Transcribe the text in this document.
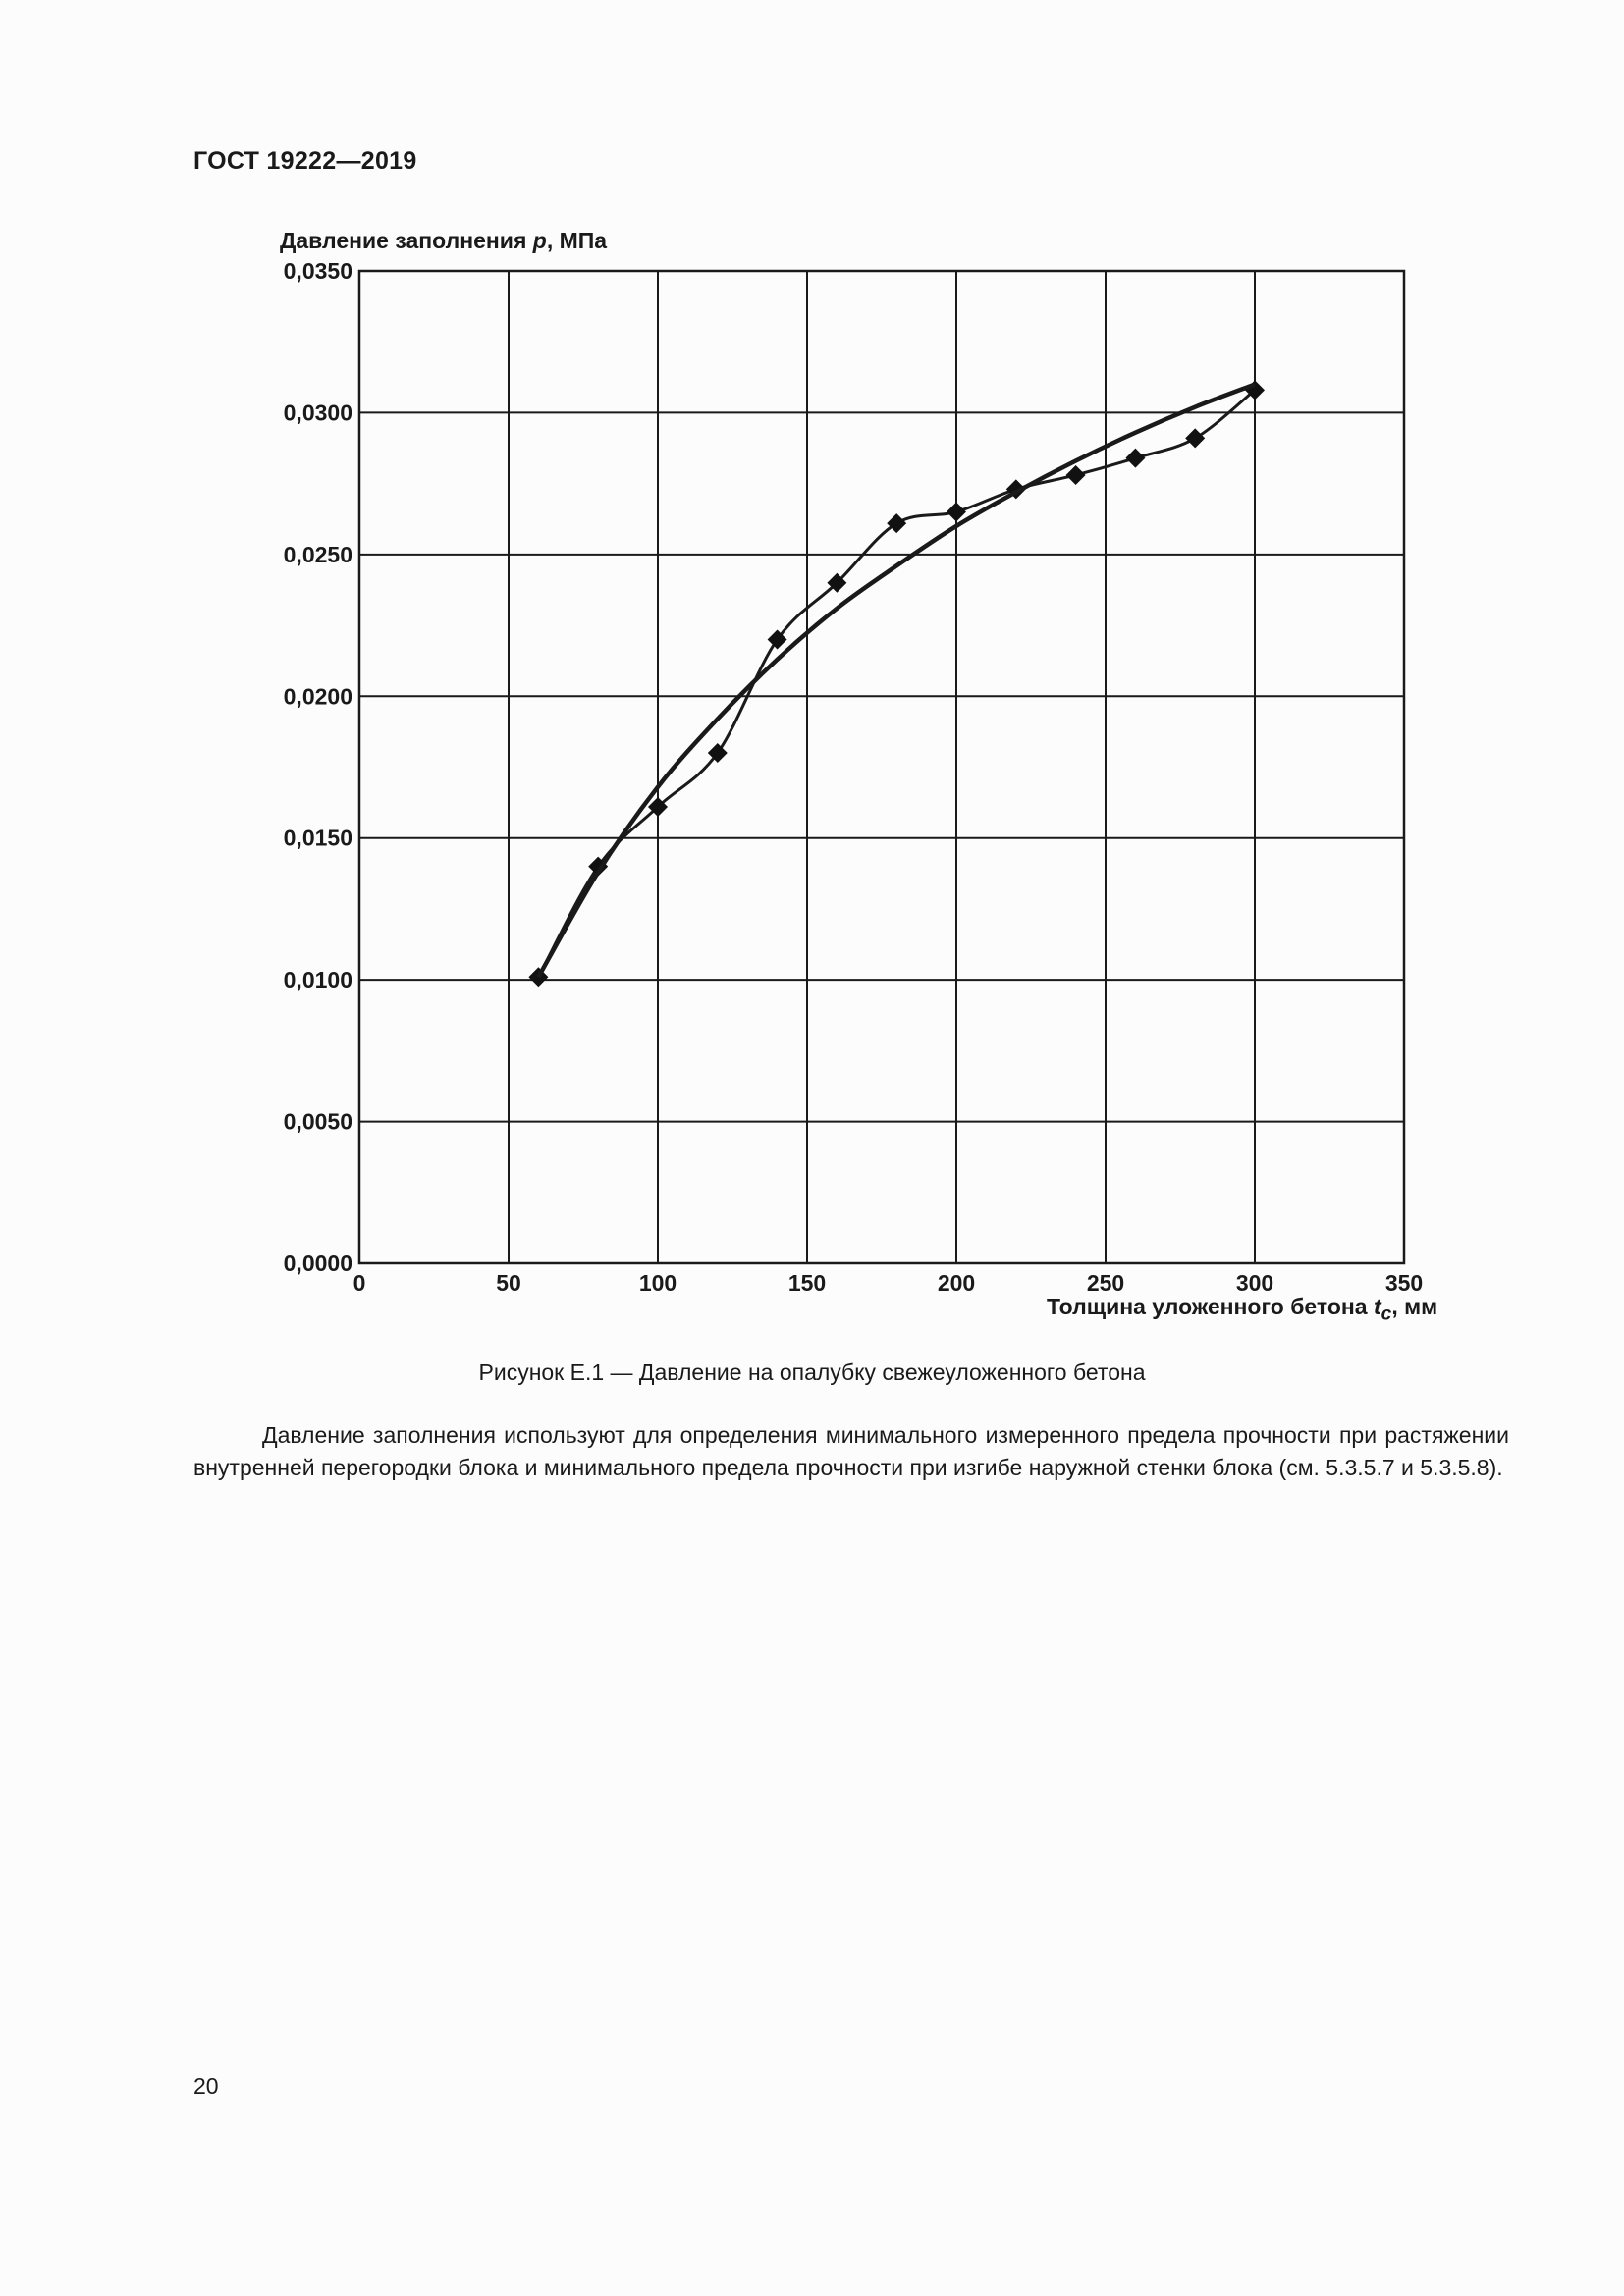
ГОСТ 19222—2019
Давление заполнения p, МПа
0	50	100	150	200	250	300	350
0,0000
0,0050
0,0100
0,0150
0,0200
0,0250
0,0300
0,0350
Толщина уложенного бетона $t_c$, мм
Рисунок Е.1 — Давление на опалубку свежеуложенного бетона

Давление заполнения используют для определения минимального измеренного предела прочности при растяжении внутренней перегородки блока и минимального предела прочности при изгибе наружной стенки блока (см. 5.3.5.7 и 5.3.5.8).

20
